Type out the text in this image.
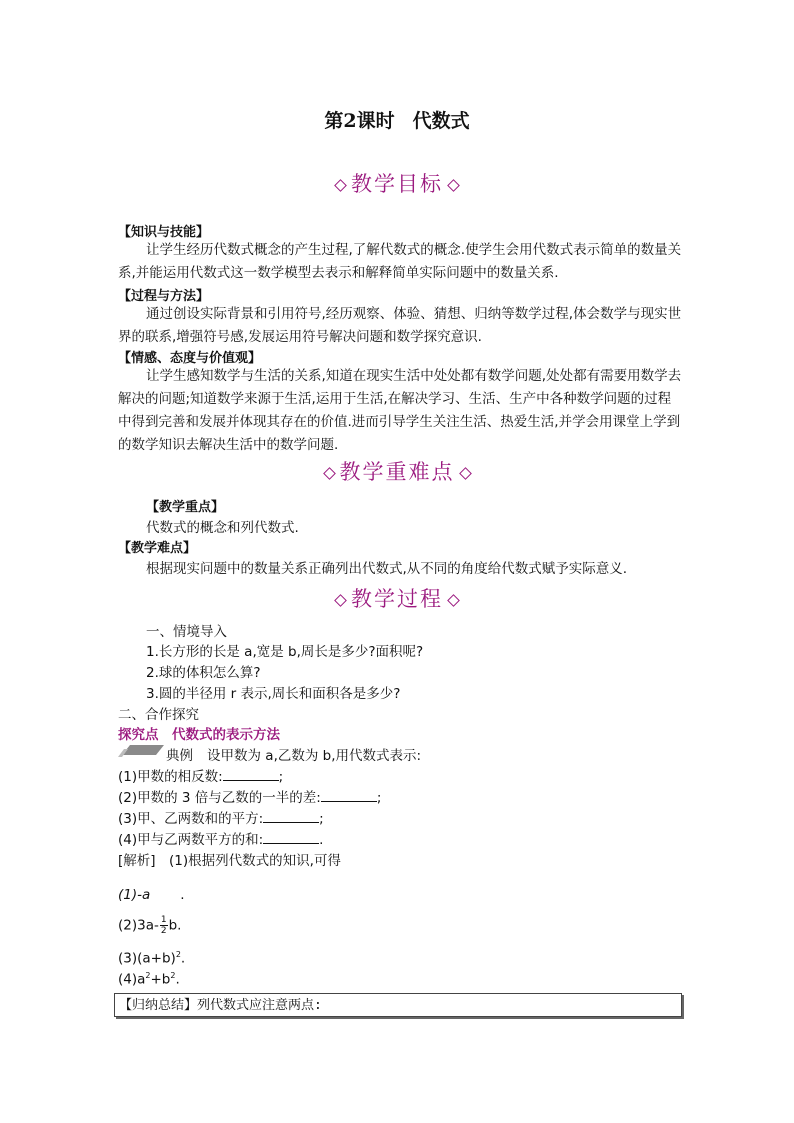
第2课时 代数式
教学目标
【知识与技能】
让学生经历代数式概念的产生过程,了解代数式的概念.使学生会用代数式表示简单的数量关系,并能运用代数式这一数学模型去表示和解释简单实际问题中的数量关系.
【过程与方法】
通过创设实际背景和引用符号,经历观察、体验、猜想、归纳等数学过程,体会数学与现实世界的联系,增强符号感,发展运用符号解决问题和数学探究意识.
【情感、态度与价值观】
让学生感知数学与生活的关系,知道在现实生活中处处都有数学问题,处处都有需要用数学去解决的问题;知道数学来源于生活,运用于生活,在解决学习、生活、生产中各种数学问题的过程中得到完善和发展并体现其存在的价值.进而引导学生关注生活、热爱生活,并学会用课堂上学到的数学知识去解决生活中的数学问题.
教学重难点
【教学重点】
代数式的概念和列代数式.
【教学难点】
根据现实问题中的数量关系正确列出代数式,从不同的角度给代数式赋予实际意义.
教学过程
一、情境导入
1.长方形的长是 a,宽是 b,周长是多少?面积呢?
2.球的体积怎么算?
3.圆的半径用 r 表示,周长和面积各是多少?
二、合作探究
探究点　代数式的表示方法
典例 设甲数为 a,乙数为 b,用代数式表示:
(1)甲数的相反数:	;
(2)甲数的 3 倍与乙数的一半的差:	;
(3)甲、乙两数和的平方:	;
(4)甲与乙两数平方的和:	.
[解析]　(1)根据列代数式的知识,可得
(1)-a .
$(2)3a- \frac{1}{2} b$.
$(3)(a+b)^2$.
$(4)a^2+b^2$.
【归纳总结】列代数式应注意两点:
